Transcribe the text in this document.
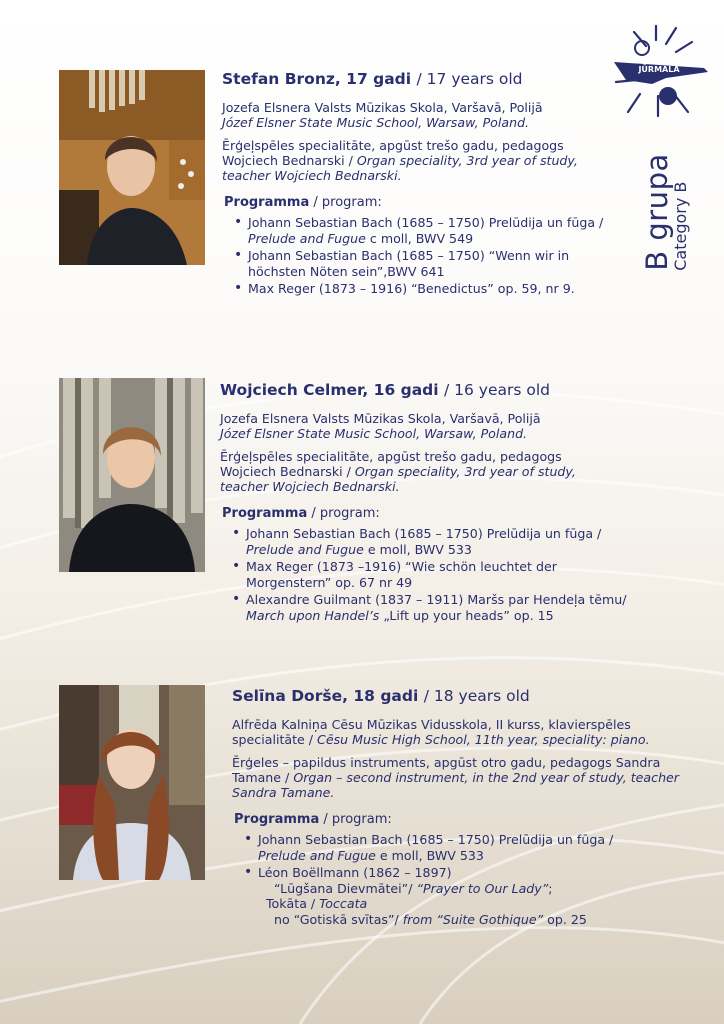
JŪRMALA
B grupa
Category B
Stefan Bronz, 17 gadi / 17 years old
Jozefa Elsnera Valsts Mūzikas Skola, Varšavā, Polijā
Józef Elsner State Music School, Warsaw, Poland.
Ērģeļspēles specialitāte, apgūst trešo gadu, pedagogs Wojciech Bednarski / Organ speciality, 3rd year of study, teacher Wojciech Bednarski.
Programma / program:
• Johann Sebastian Bach (1685 – 1750) Prelūdija un fūga /
Prelude and Fugue c moll, BWV 549
• Johann Sebastian Bach (1685 – 1750) “Wenn wir in
höchsten Nöten sein”,BWV 641
• Max Reger (1873 – 1916) “Benedictus” op. 59, nr 9.
Wojciech Celmer, 16 gadi / 16 years old
Jozefa Elsnera Valsts Mūzikas Skola, Varšavā, Polijā
Józef Elsner State Music School, Warsaw, Poland.
Ērģeļspēles specialitāte, apgūst trešo gadu, pedagogs Wojciech Bednarski / Organ speciality, 3rd year of study, teacher Wojciech Bednarski.
Programma / program:
• Johann Sebastian Bach (1685 – 1750) Prelūdija un fūga /
Prelude and Fugue e moll, BWV 533
• Max Reger (1873 –1916) “Wie schön leuchtet der
Morgenstern” op. 67 nr 49
• Alexandre Guilmant (1837 – 1911) Maršs par Hendeļa tēmu/
March upon Handel’s „Lift up your heads” op. 15
Selīna Dorše, 18 gadi / 18 years old
Alfrēda Kalniņa Cēsu Mūzikas Vidusskola, II kurss, klavierspēles specialitāte / Cēsu Music High School, 11th year, speciality: piano.
Ērģeles – papildus instruments, apgūst otro gadu, pedagogs Sandra Tamane / Organ – second instrument, in the 2nd year of study, teacher Sandra Tamane.
Programma / program:
• Johann Sebastian Bach (1685 – 1750) Prelūdija un fūga /
Prelude and Fugue e moll, BWV 533
• Léon Boëllmann (1862 – 1897)
“Lūgšana Dievmātei”/ “Prayer to Our Lady”;
Tokāta / Toccata
no “Gotiskā svītas”/ from “Suite Gothique” op. 25
